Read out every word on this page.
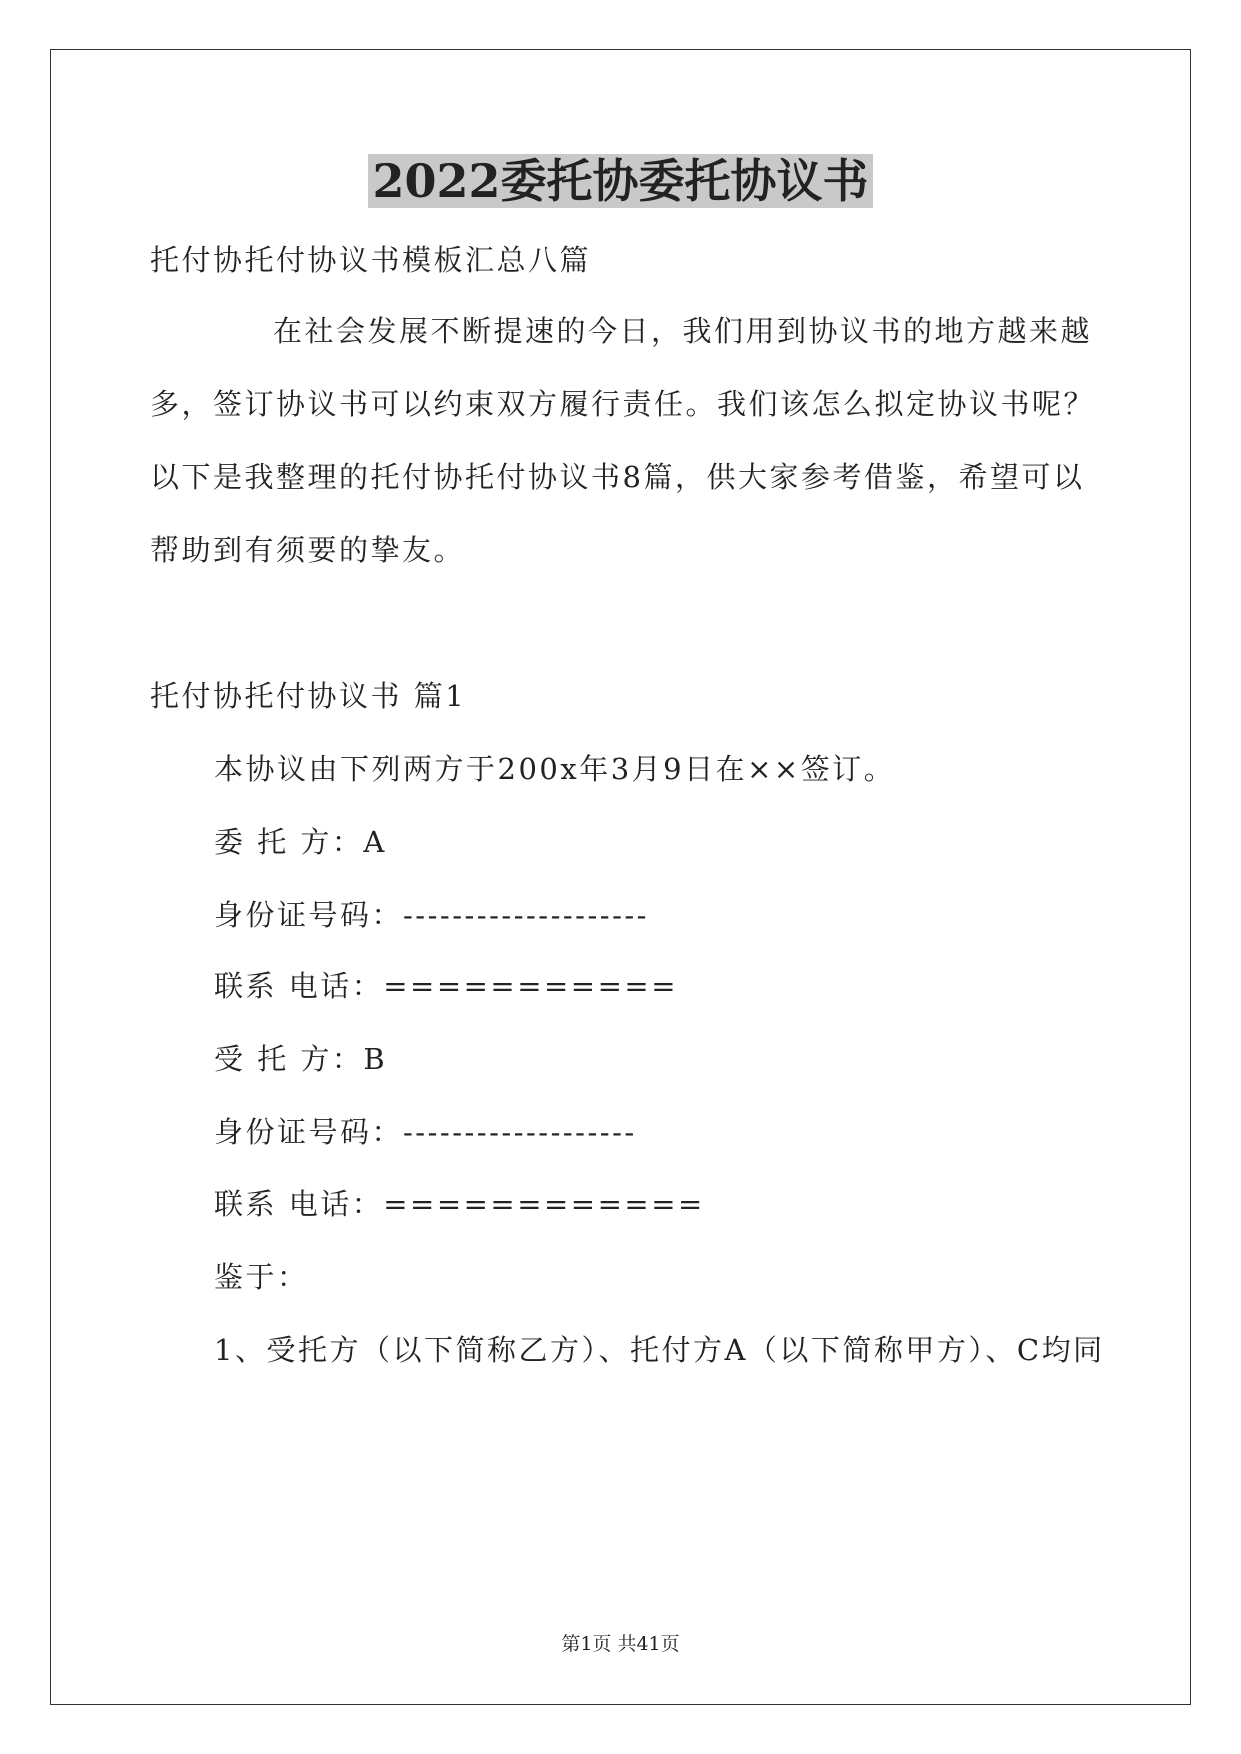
2022委托协委托协议书

托付协托付协议书模板汇总八篇

在社会发展不断提速的今日，我们用到协议书的地方越来越

多，签订协议书可以约束双方履行责任。我们该怎么拟定协议书呢？

以下是我整理的托付协托付协议书8篇，供大家参考借鉴，希望可以

帮助到有须要的挚友。

托付协托付协议书 篇1

本协议由下列两方于200x年3月9日在××签订。

委 托 方：A

身份证号码：--------------------

联系 电话：===========

受 托 方：B

身份证号码：-------------------

联系 电话：============

鉴于：

1、受托方（以下简称乙方）、托付方A（以下简称甲方）、C均同

第1页 共41页
